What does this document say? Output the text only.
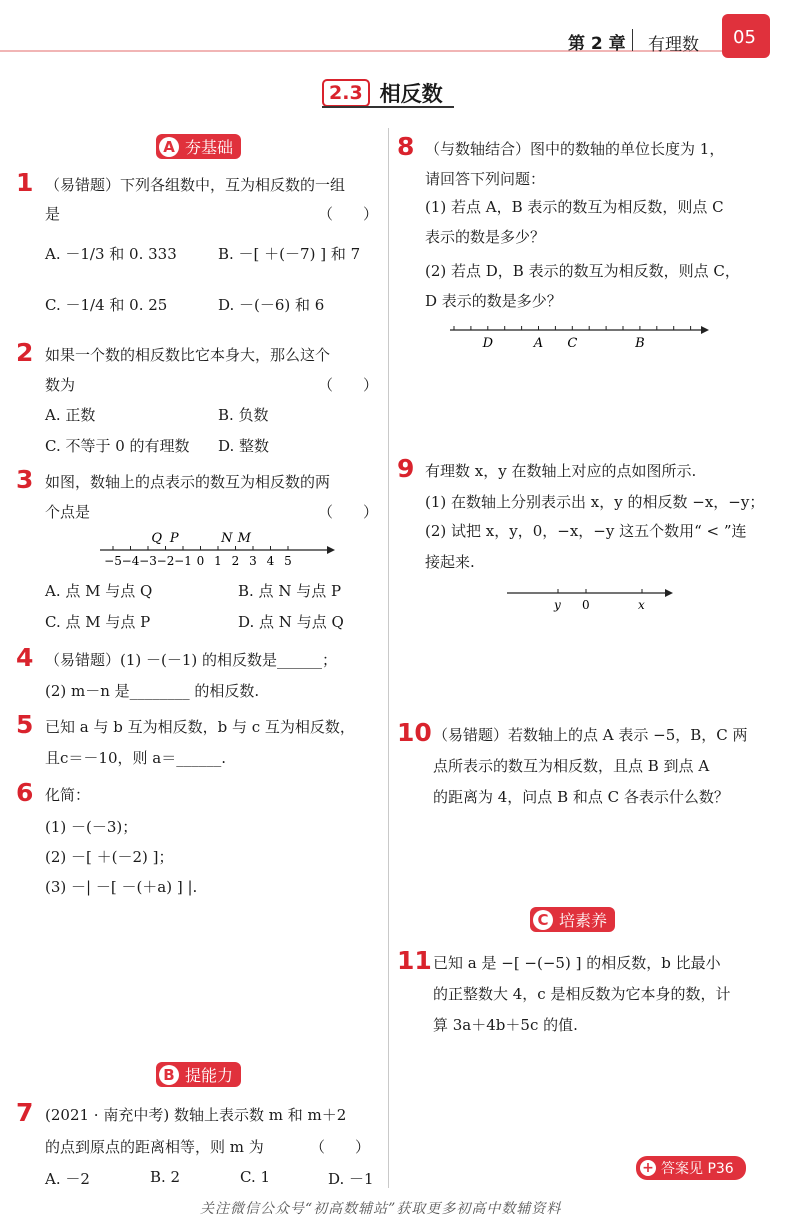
第 2 章 有理数 05
2.3 相反数
A 夯基础
1 （易错题）下列各组数中，互为相反数的一组
是	（　　）
A. －1/3 和 0. 333	B. －[ ＋(－7) ] 和 7
C. －1/4 和 0. 25	D. －(－6) 和 6
2 如果一个数的相反数比它本身大，那么这个
数为	（　　）
A. 正数	B. 负数
C. 不等于 0 的有理数 D. 整数
3 如图，数轴上的点表示的数互为相反数的两
个点是	（　　）
−5 −4 −3 −2 −1 0 1 2 3 4 5
Q P	N M
A. 点 M 与点 Q	B. 点 N 与点 P
C. 点 M 与点 P	D. 点 N 与点 Q
4 （易错题）(1) －(－1) 的相反数是______；
(2) m－n 是________ 的相反数.
5 已知 a 与 b 互为相反数，b 与 c 互为相反数，
且c＝－10，则 a＝______.
6 化简：
(1) －(－3)；
(2) －[ ＋(－2) ]；
(3) －| －[ －(＋a) ] |.
B 提能力
7 (2021 · 南充中考) 数轴上表示数 m 和 m＋2
的点到原点的距离相等，则 m 为	（　　）
A. －2	B. 2	C. 1	D. －1
8 （与数轴结合）图中的数轴的单位长度为 1，
请回答下列问题：
(1) 若点 A，B 表示的数互为相反数，则点 C
表示的数是多少？
(2) 若点 D，B 表示的数互为相反数，则点 C，
D 表示的数是多少？
D	A C	B
9 有理数 x，y 在数轴上对应的点如图所示.
(1) 在数轴上分别表示出 x，y 的相反数 −x，−y；
(2) 试把 x，y，0，−x，−y 这五个数用“ < ”连
接起来.
y 0	x
10 （易错题）若数轴上的点 A 表示 −5，B，C 两
点所表示的数互为相反数，且点 B 到点 A
的距离为 4，问点 B 和点 C 各表示什么数？
C 培素养
11 已知 a 是 −[ −(−5) ] 的相反数，b 比最小
的正整数大 4，c 是相反数为它本身的数，计
算 3a＋4b＋5c 的值.
+ 答案见 P36
关注微信公众号“初高数辅站”获取更多初高中数辅资料
